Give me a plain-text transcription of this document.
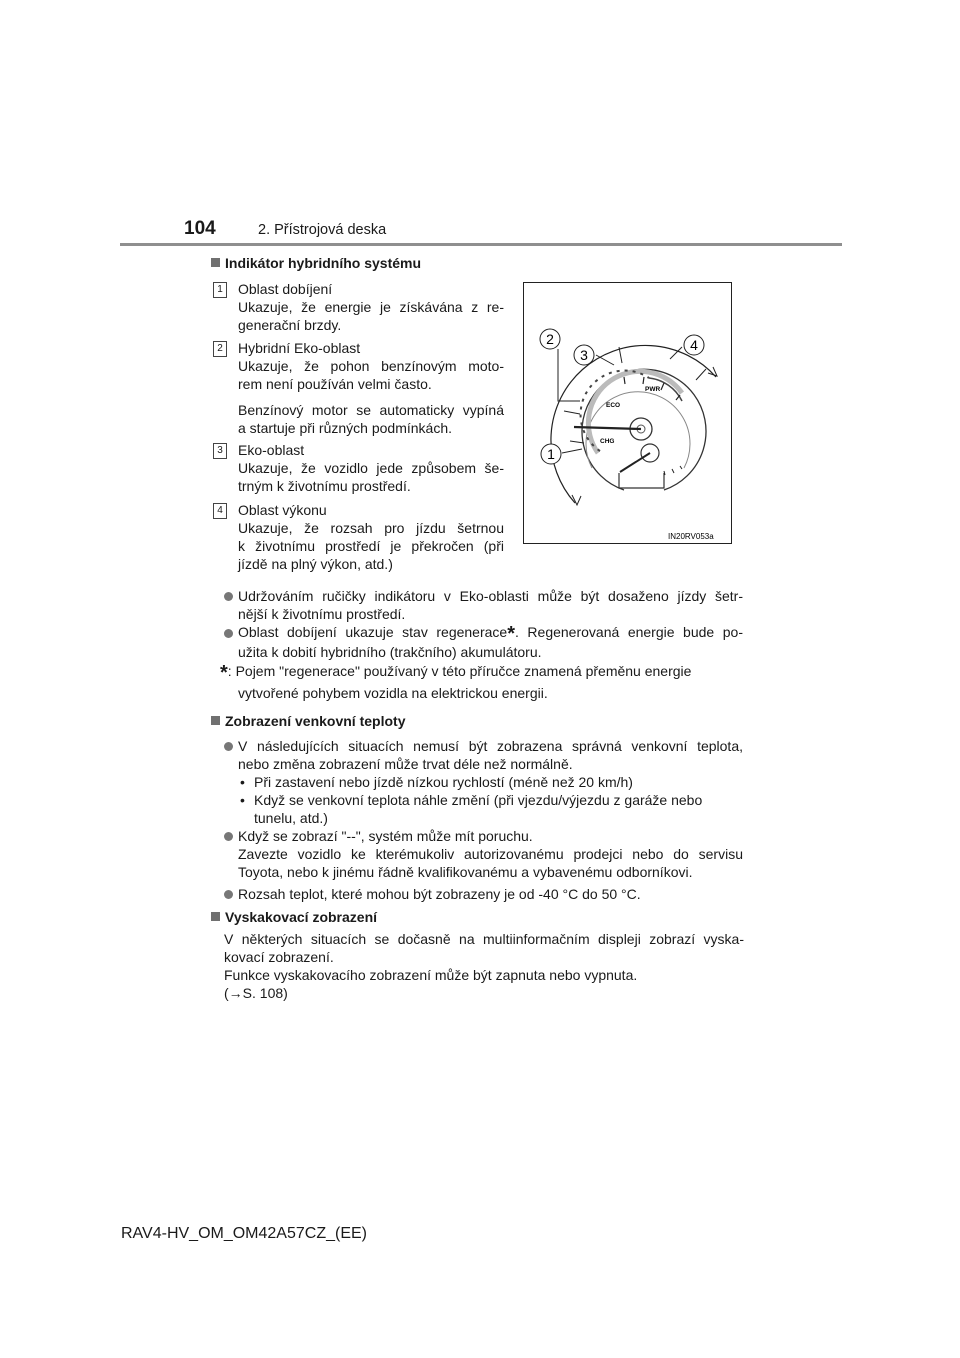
104	2. Přístrojová deska
Indikátor hybridního systému
1	Oblast dobíjení
Ukazuje, že energie je získávána z re-
generační brzdy.
2	Hybridní Eko-oblast
Ukazuje, že pohon benzínovým moto-
rem není používán velmi často.
Benzínový motor se automaticky vypíná
a startuje při různých podmínkách.
3	Eko-oblast
Ukazuje, že vozidlo jede způsobem še-
trným k životnímu prostředí.
4	Oblast výkonu
Ukazuje, že rozsah pro jízdu šetrnou
k životnímu prostředí je překročen (při
jízdě na plný výkon, atd.)
2
3
4
1
ECO
PWR
CHG
IN20RV053a
Udržováním ručičky indikátoru v Eko-oblasti může být dosaženo jízdy šetr-
nější k životnímu prostředí.
Oblast dobíjení ukazuje stav regenerace*. Regenerovaná energie bude po-
užita k dobití hybridního (trakčního) akumulátoru.
*: Pojem "regenerace" používaný v této příručce znamená přeměnu energie
vytvořené pohybem vozidla na elektrickou energii.
Zobrazení venkovní teploty
V následujících situacích nemusí být zobrazena správná venkovní teplota,
nebo změna zobrazení může trvat déle než normálně.
• Při zastavení nebo jízdě nízkou rychlostí (méně než 20 km/h)
• Když se venkovní teplota náhle změní (při vjezdu/výjezdu z garáže nebo
tunelu, atd.)
Když se zobrazí "--", systém může mít poruchu.
Zavezte vozidlo ke kterémukoliv autorizovanému prodejci nebo do servisu
Toyota, nebo k jinému řádně kvalifikovanému a vybavenému odborníkovi.
Rozsah teplot, které mohou být zobrazeny je od -40 °C do 50 °C.
Vyskakovací zobrazení
V některých situacích se dočasně na multiinformačním displeji zobrazí vyska-
kovací zobrazení.
Funkce vyskakovacího zobrazení může být zapnuta nebo vypnuta.
(→S. 108)
RAV4-HV_OM_OM42A57CZ_(EE)
